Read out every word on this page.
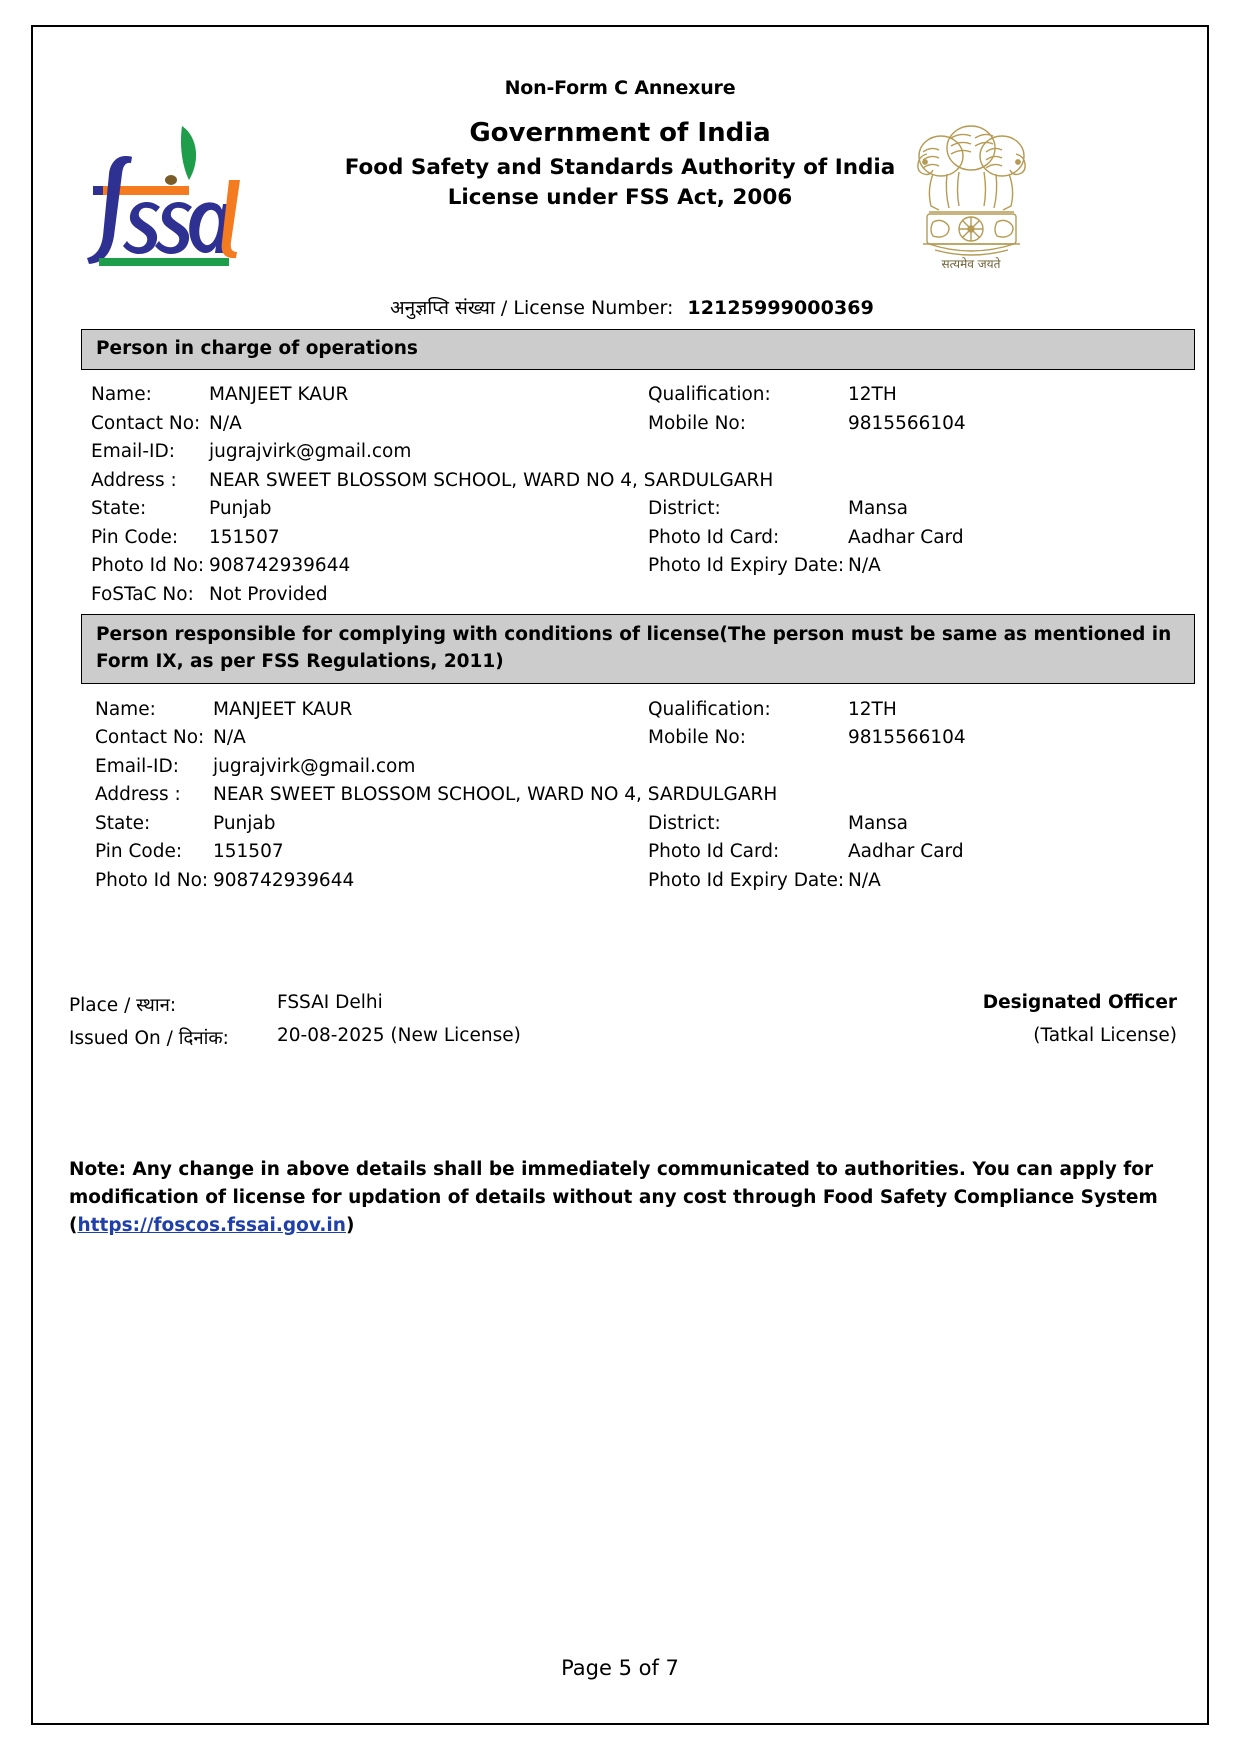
Non-Form C Annexure
Government of India
Food Safety and Standards Authority of India
License under FSS Act, 2006
सत्यमेव जयते
अनुज्ञप्ति संख्या / License Number: 12125999000369
Person in charge of operations
Name:	MANJEET KAUR	Qualification:	12TH
Contact No: N/A	Mobile No:	9815566104
Email-ID:	jugrajvirk@gmail.com
Address :	NEAR SWEET BLOSSOM SCHOOL, WARD NO 4, SARDULGARH
State:	Punjab	District:	Mansa
Pin Code:	151507	Photo Id Card:	Aadhar Card
Photo Id No: 908742939644	Photo Id Expiry Date: N/A
FoSTaC No: Not Provided
Person responsible for complying with conditions of license(The person must be same as mentioned in Form IX, as per FSS Regulations, 2011)
Name:	MANJEET KAUR	Qualification:	12TH
Contact No: N/A	Mobile No:	9815566104
Email-ID:	jugrajvirk@gmail.com
Address :	NEAR SWEET BLOSSOM SCHOOL, WARD NO 4, SARDULGARH
State:	Punjab	District:	Mansa
Pin Code:	151507	Photo Id Card:	Aadhar Card
Photo Id No: 908742939644	Photo Id Expiry Date: N/A
Place / स्थान:	FSSAI Delhi	Designated Officer
Issued On / दिनांक:	20-08-2025 (New License)	(Tatkal License)
Note: Any change in above details shall be immediately communicated to authorities. You can apply for modification of license for updation of details without any cost through Food Safety Compliance System (https://foscos.fssai.gov.in)
Page 5 of 7
